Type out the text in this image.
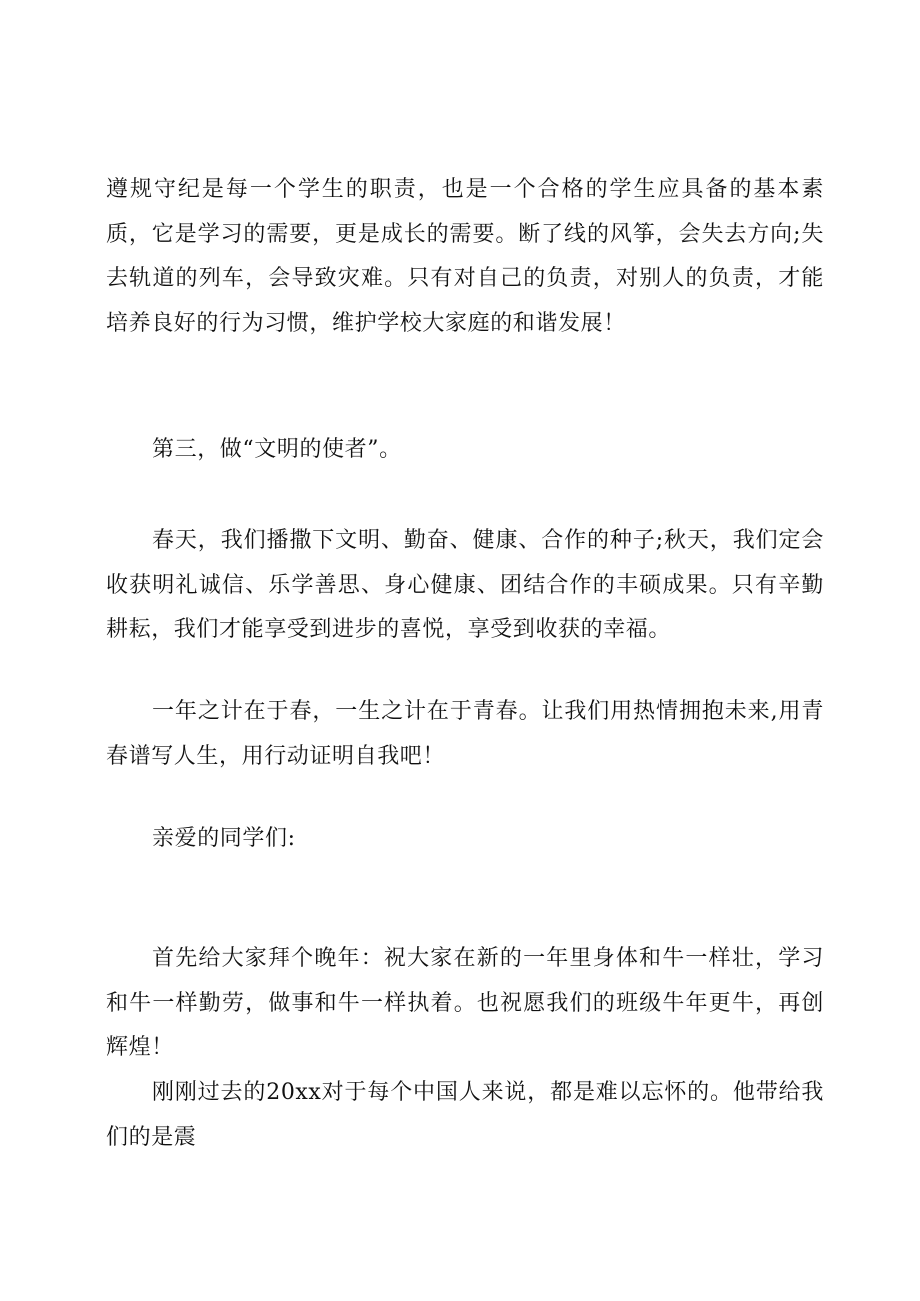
遵规守纪是每一个学生的职责，也是一个合格的学生应具备的基本素质，它是学习的需要，更是成长的需要。断了线的风筝，会失去方向;失去轨道的列车，会导致灾难。只有对自己的负责，对别人的负责，才能培养良好的行为习惯，维护学校大家庭的和谐发展！

第三，做“文明的使者”。

春天，我们播撒下文明、勤奋、健康、合作的种子;秋天，我们定会收获明礼诚信、乐学善思、身心健康、团结合作的丰硕成果。只有辛勤耕耘，我们才能享受到进步的喜悦，享受到收获的幸福。

一年之计在于春，一生之计在于青春。让我们用热情拥抱未来,用青春谱写人生，用行动证明自我吧！

亲爱的同学们:

首先给大家拜个晚年：祝大家在新的一年里身体和牛一样壮，学习和牛一样勤劳，做事和牛一样执着。也祝愿我们的班级牛年更牛，再创辉煌！

刚刚过去的20xx对于每个中国人来说，都是难以忘怀的。他带给我们的是震
